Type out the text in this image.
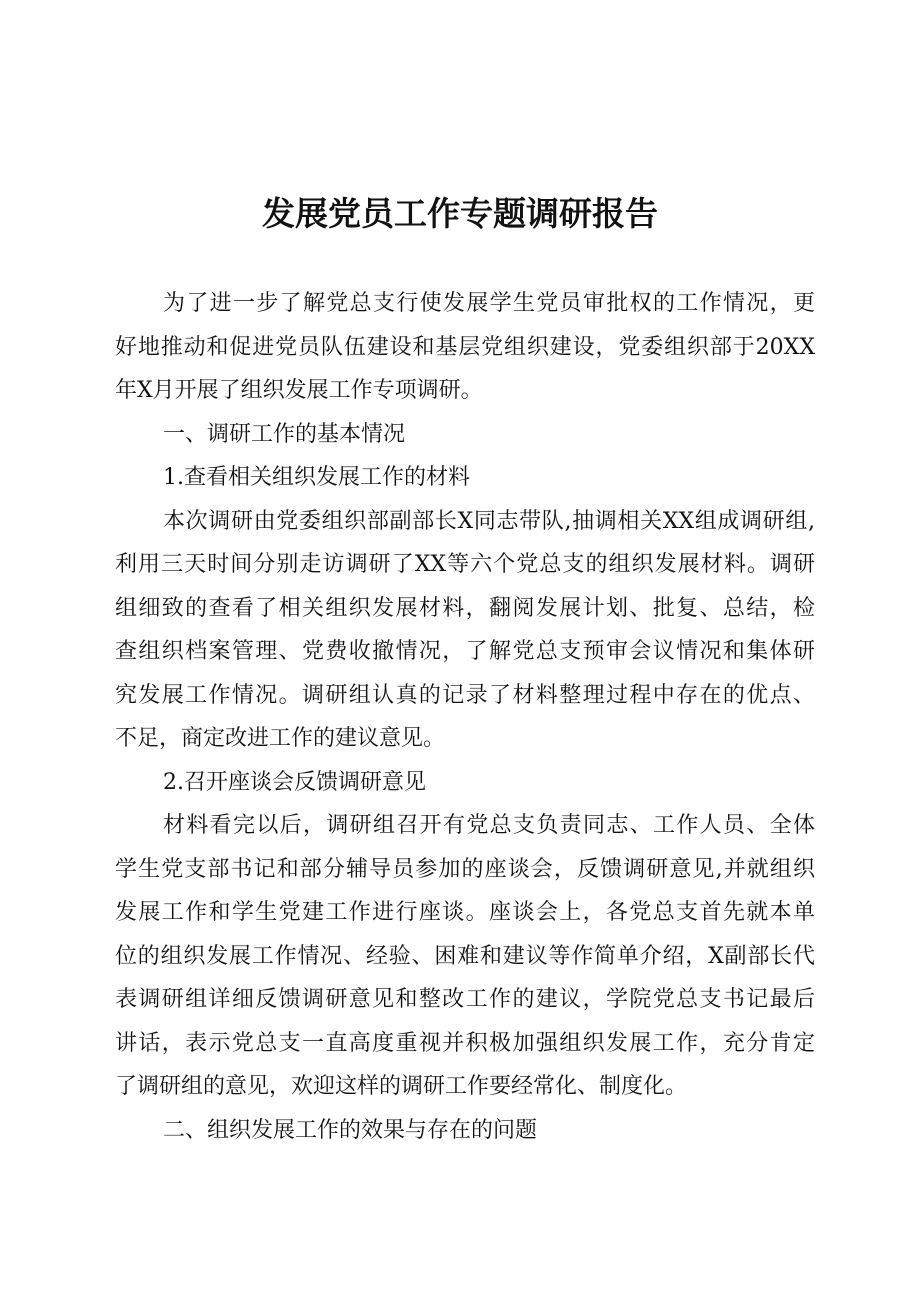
发展党员工作专题调研报告
为了进一步了解党总支行使发展学生党员审批权的工作情况，更
好地推动和促进党员队伍建设和基层党组织建设，党委组织部于20XX
年X月开展了组织发展工作专项调研。
一、调研工作的基本情况
1.查看相关组织发展工作的材料
本次调研由党委组织部副部长X同志带队,抽调相关XX组成调研组,
利用三天时间分别走访调研了XX等六个党总支的组织发展材料。调研
组细致的查看了相关组织发展材料，翻阅发展计划、批复、总结，检
查组织档案管理、党费收撤情况，了解党总支预审会议情况和集体研
究发展工作情况。调研组认真的记录了材料整理过程中存在的优点、
不足，商定改进工作的建议意见。
2.召开座谈会反馈调研意见
材料看完以后，调研组召开有党总支负责同志、工作人员、全体
学生党支部书记和部分辅导员参加的座谈会，反馈调研意见,并就组织
发展工作和学生党建工作进行座谈。座谈会上，各党总支首先就本单
位的组织发展工作情况、经验、困难和建议等作简单介绍，X副部长代
表调研组详细反馈调研意见和整改工作的建议，学院党总支书记最后
讲话，表示党总支一直高度重视并积极加强组织发展工作，充分肯定
了调研组的意见，欢迎这样的调研工作要经常化、制度化。
二、组织发展工作的效果与存在的问题
